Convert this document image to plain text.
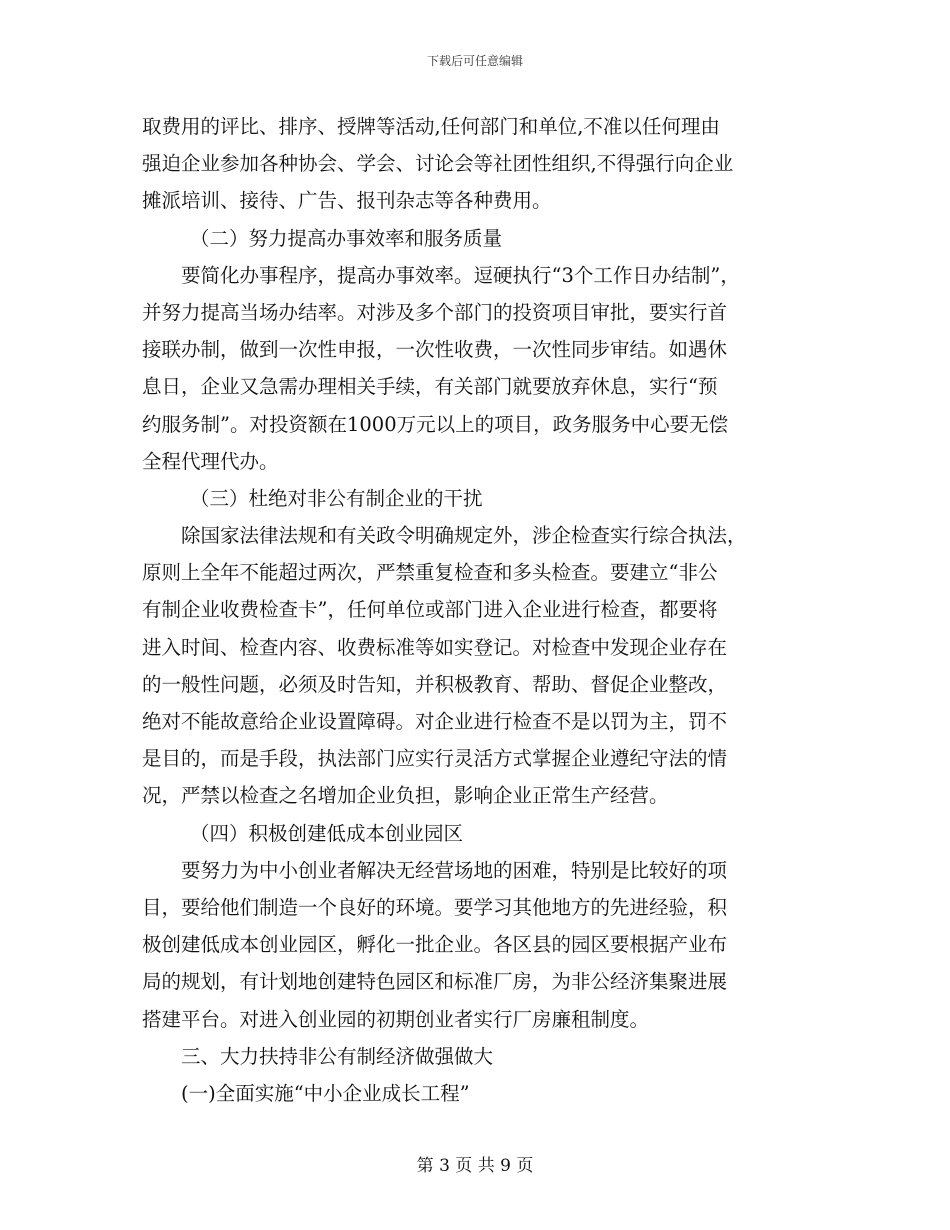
下载后可任意编辑
取费用的评比、排序、授牌等活动,任何部门和单位,不准以任何理由
强迫企业参加各种协会、学会、讨论会等社团性组织,不得强行向企业
摊派培训、接待、广告、报刊杂志等各种费用。
（二）努力提高办事效率和服务质量
要简化办事程序，提高办事效率。逗硬执行“3个工作日办结制”，
并努力提高当场办结率。对涉及多个部门的投资项目审批，要实行首
接联办制，做到一次性申报，一次性收费，一次性同步审结。如遇休
息日，企业又急需办理相关手续，有关部门就要放弃休息，实行“预
约服务制”。对投资额在1000万元以上的项目，政务服务中心要无偿
全程代理代办。
（三）杜绝对非公有制企业的干扰
除国家法律法规和有关政令明确规定外，涉企检查实行综合执法，
原则上全年不能超过两次，严禁重复检查和多头检查。要建立“非公
有制企业收费检查卡”，任何单位或部门进入企业进行检查，都要将
进入时间、检查内容、收费标准等如实登记。对检查中发现企业存在
的一般性问题，必须及时告知，并积极教育、帮助、督促企业整改，
绝对不能故意给企业设置障碍。对企业进行检查不是以罚为主，罚不
是目的，而是手段，执法部门应实行灵活方式掌握企业遵纪守法的情
况，严禁以检查之名增加企业负担，影响企业正常生产经营。
（四）积极创建低成本创业园区
要努力为中小创业者解决无经营场地的困难，特别是比较好的项
目，要给他们制造一个良好的环境。要学习其他地方的先进经验，积
极创建低成本创业园区，孵化一批企业。各区县的园区要根据产业布
局的规划，有计划地创建特色园区和标准厂房，为非公经济集聚进展
搭建平台。对进入创业园的初期创业者实行厂房廉租制度。
三、大力扶持非公有制经济做强做大
(一)全面实施“中小企业成长工程”
第 3 页 共 9 页
